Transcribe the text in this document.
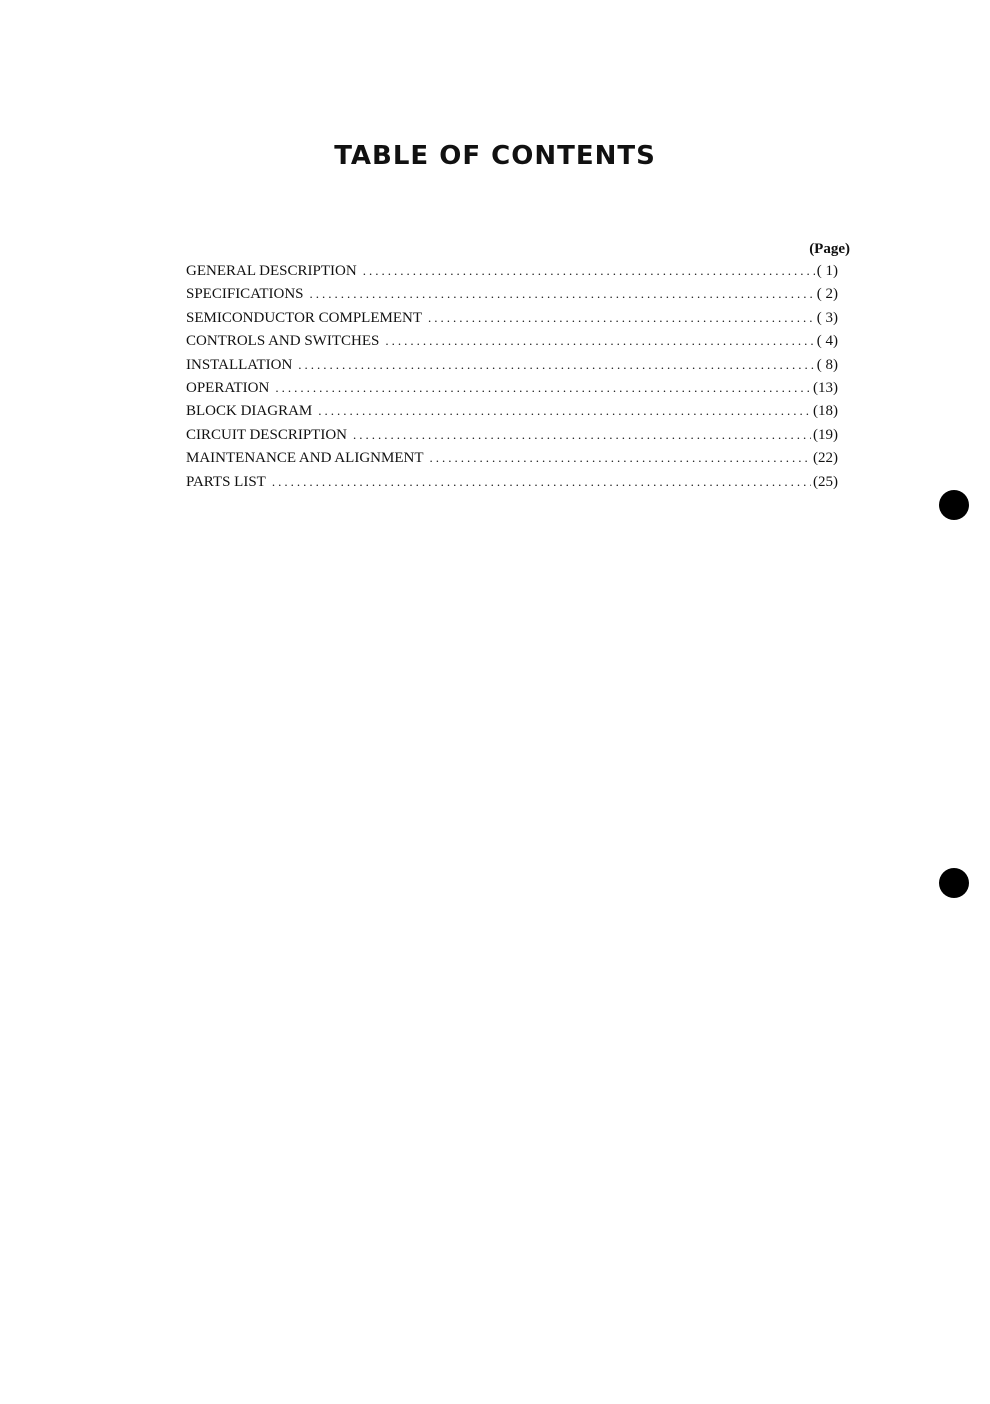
TABLE OF CONTENTS
(Page)
GENERAL DESCRIPTION .....	( 1)
SPECIFICATIONS .....	( 2)
SEMICONDUCTOR COMPLEMENT .....	( 3)
CONTROLS AND SWITCHES .....	( 4)
INSTALLATION .....	( 8)
OPERATION .....	(13)
BLOCK DIAGRAM .....	(18)
CIRCUIT DESCRIPTION .....	(19)
MAINTENANCE AND ALIGNMENT .....	(22)
PARTS LIST .....	(25)
